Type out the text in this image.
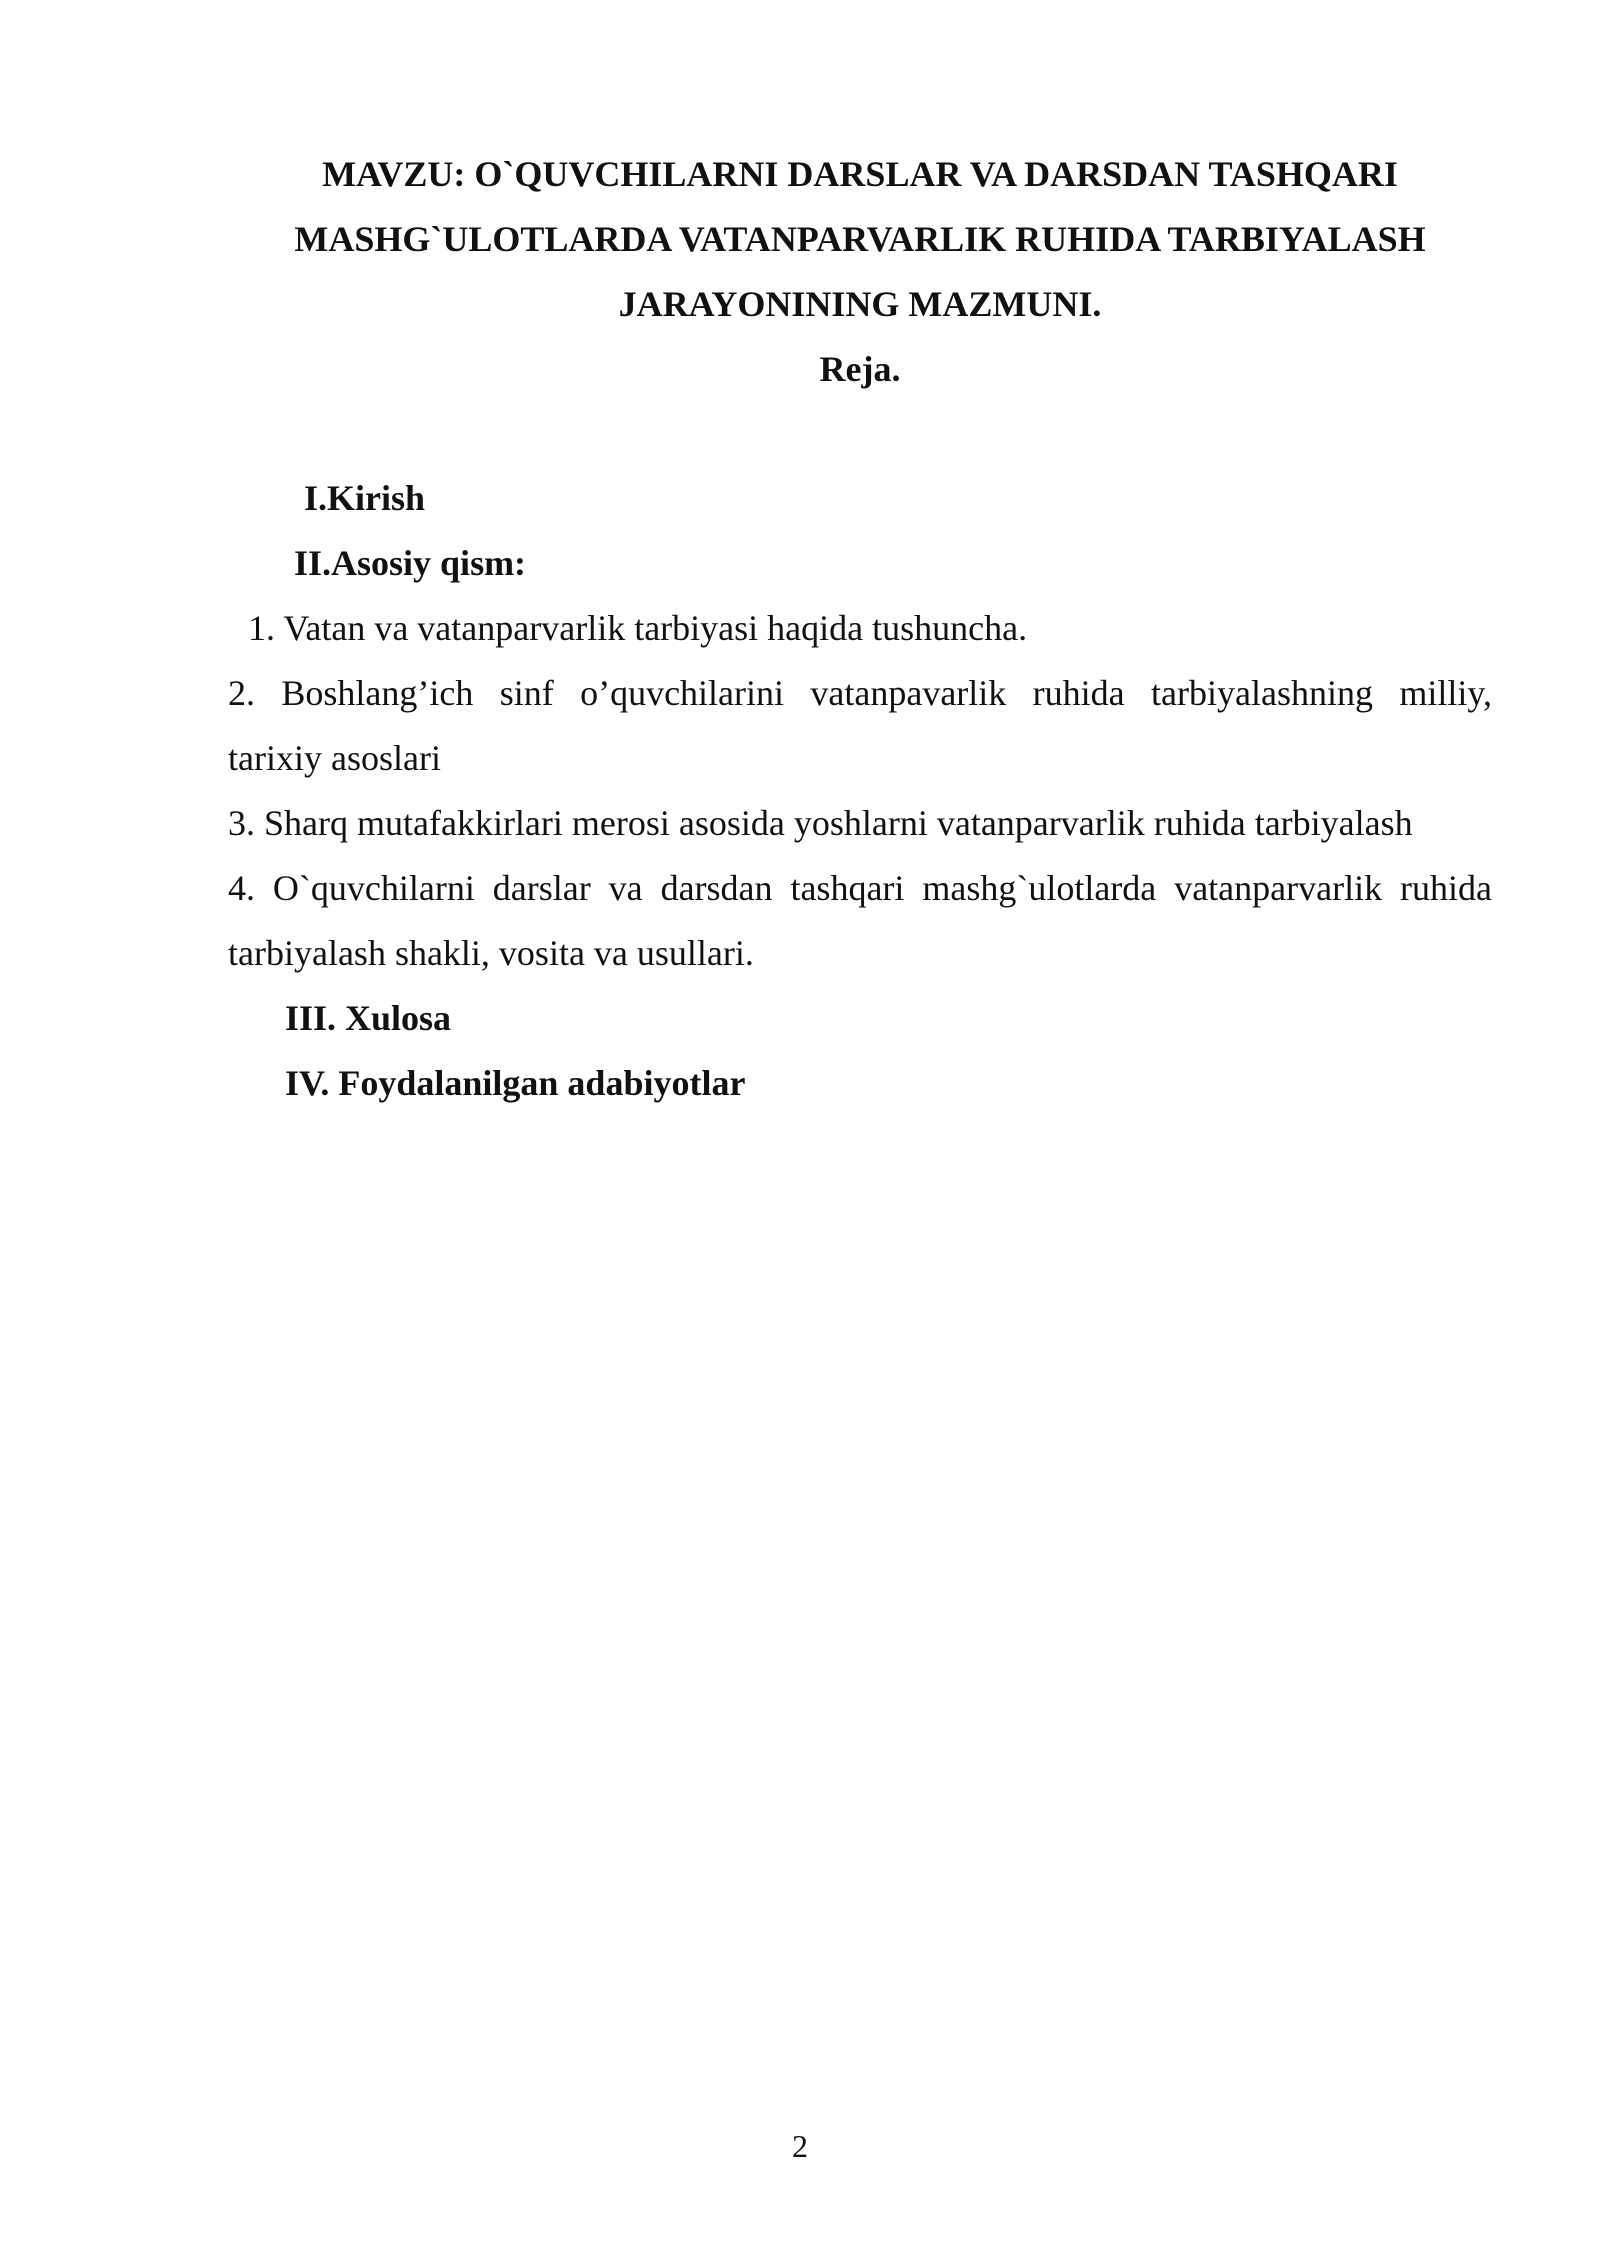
MAVZU: O`QUVCHILARNI DARSLAR VA DARSDAN TASHQARI
MASHG`ULOTLARDA VATANPARVARLIK RUHIDA TARBIYALASH
JARAYONINING MAZMUNI.
Reja.
I.Kirish
II.Asosiy qism:
1. Vatan va vatanparvarlik tarbiyasi haqida tushuncha.
2. Boshlang’ich sinf o’quvchilarini vatanpavarlik ruhida tarbiyalashning milliy,
tarixiy asoslari
3. Sharq mutafakkirlari merosi asosida yoshlarni vatanparvarlik ruhida tarbiyalash
4. O`quvchilarni darslar va darsdan tashqari mashg`ulotlarda vatanparvarlik ruhida
tarbiyalash shakli, vosita va usullari.
III. Xulosa
IV. Foydalanilgan adabiyotlar
2
